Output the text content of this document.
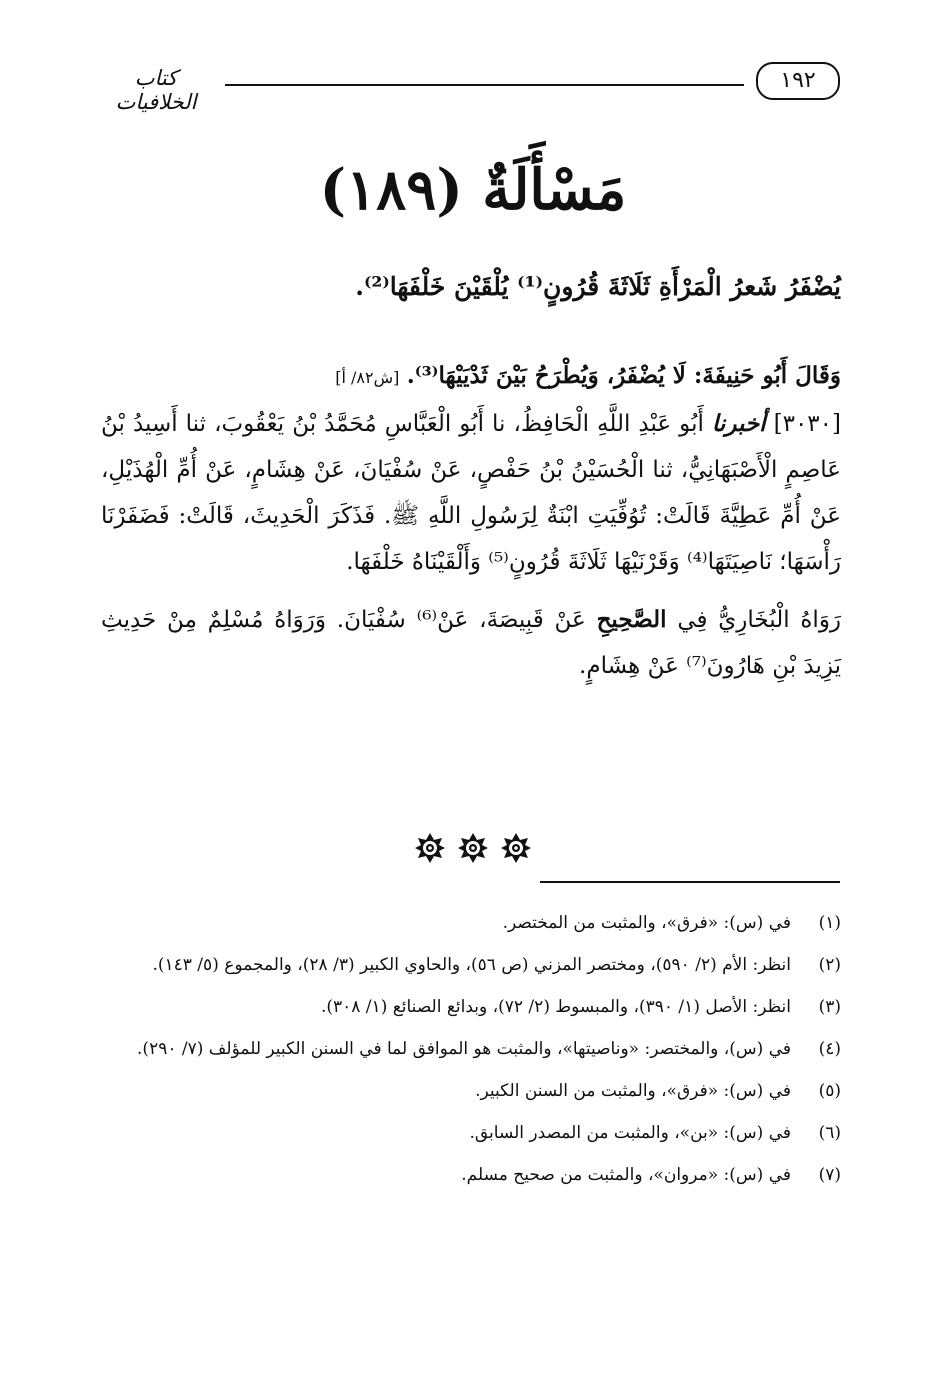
١٩٢
كتاب الخلافيات
مَسْأَلَةٌ (١٨٩)
يُضْفَرُ شَعرُ الْمَرْأَةِ ثَلَاثَةَ قُرُونٍ⁽¹⁾ يُلْقَيْنَ خَلْفَهَا⁽²⁾.

وَقَالَ أَبُو حَنِيفَةَ: لَا يُضْفَرُ، وَيُطْرَحُ بَيْنَ ثَدْيَيْهَا⁽³⁾. [ش٨٢/ أ]

[٣٠٣٠] أخبرنا أَبُو عَبْدِ اللَّهِ الْحَافِظُ، نا أَبُو الْعَبَّاسِ مُحَمَّدُ بْنُ يَعْقُوبَ، ثنا أَسِيدُ بْنُ عَاصِمٍ الْأَصْبَهَانِيُّ، ثنا الْحُسَيْنُ بْنُ حَفْصٍ، عَنْ سُفْيَانَ، عَنْ هِشَامٍ، عَنْ أُمِّ الْهُذَيْلِ، عَنْ أُمِّ عَطِيَّةَ قَالَتْ: تُوُفِّيَتِ ابْنَةٌ لِرَسُولِ اللَّهِ ﷺ. فَذَكَرَ الْحَدِيثَ، قَالَتْ: فَضَفَرْنَا رَأْسَهَا؛ نَاصِيَتَهَا⁽⁴⁾ وَقَرْنَيْهَا ثَلَاثَةَ قُرُونٍ⁽⁵⁾ وَأَلْقَيْنَاهُ خَلْفَهَا.

رَوَاهُ الْبُخَارِيُّ فِي الصَّحِيحِ عَنْ قَبِيصَةَ، عَنْ⁽⁶⁾ سُفْيَانَ. وَرَوَاهُ مُسْلِمٌ مِنْ حَدِيثِ يَزِيدَ بْنِ هَارُونَ⁽⁷⁾ عَنْ هِشَامٍ.

(١)
في (س): «فرق»، والمثبت من المختصر.
(٢)
انظر: الأم (٢/ ٥٩٠)، ومختصر المزني (ص ٥٦)، والحاوي الكبير (٣/ ٢٨)، والمجموع (٥/ ١٤٣).
(٣)
انظر: الأصل (١/ ٣٩٠)، والمبسوط (٢/ ٧٢)، وبدائع الصنائع (١/ ٣٠٨).
(٤)
في (س)، والمختصر: «وناصيتها»، والمثبت هو الموافق لما في السنن الكبير للمؤلف (٧/ ٢٩٠).
(٥)
في (س): «فرق»، والمثبت من السنن الكبير.
(٦)
في (س): «بن»، والمثبت من المصدر السابق.
(٧)
في (س): «مروان»، والمثبت من صحيح مسلم.
